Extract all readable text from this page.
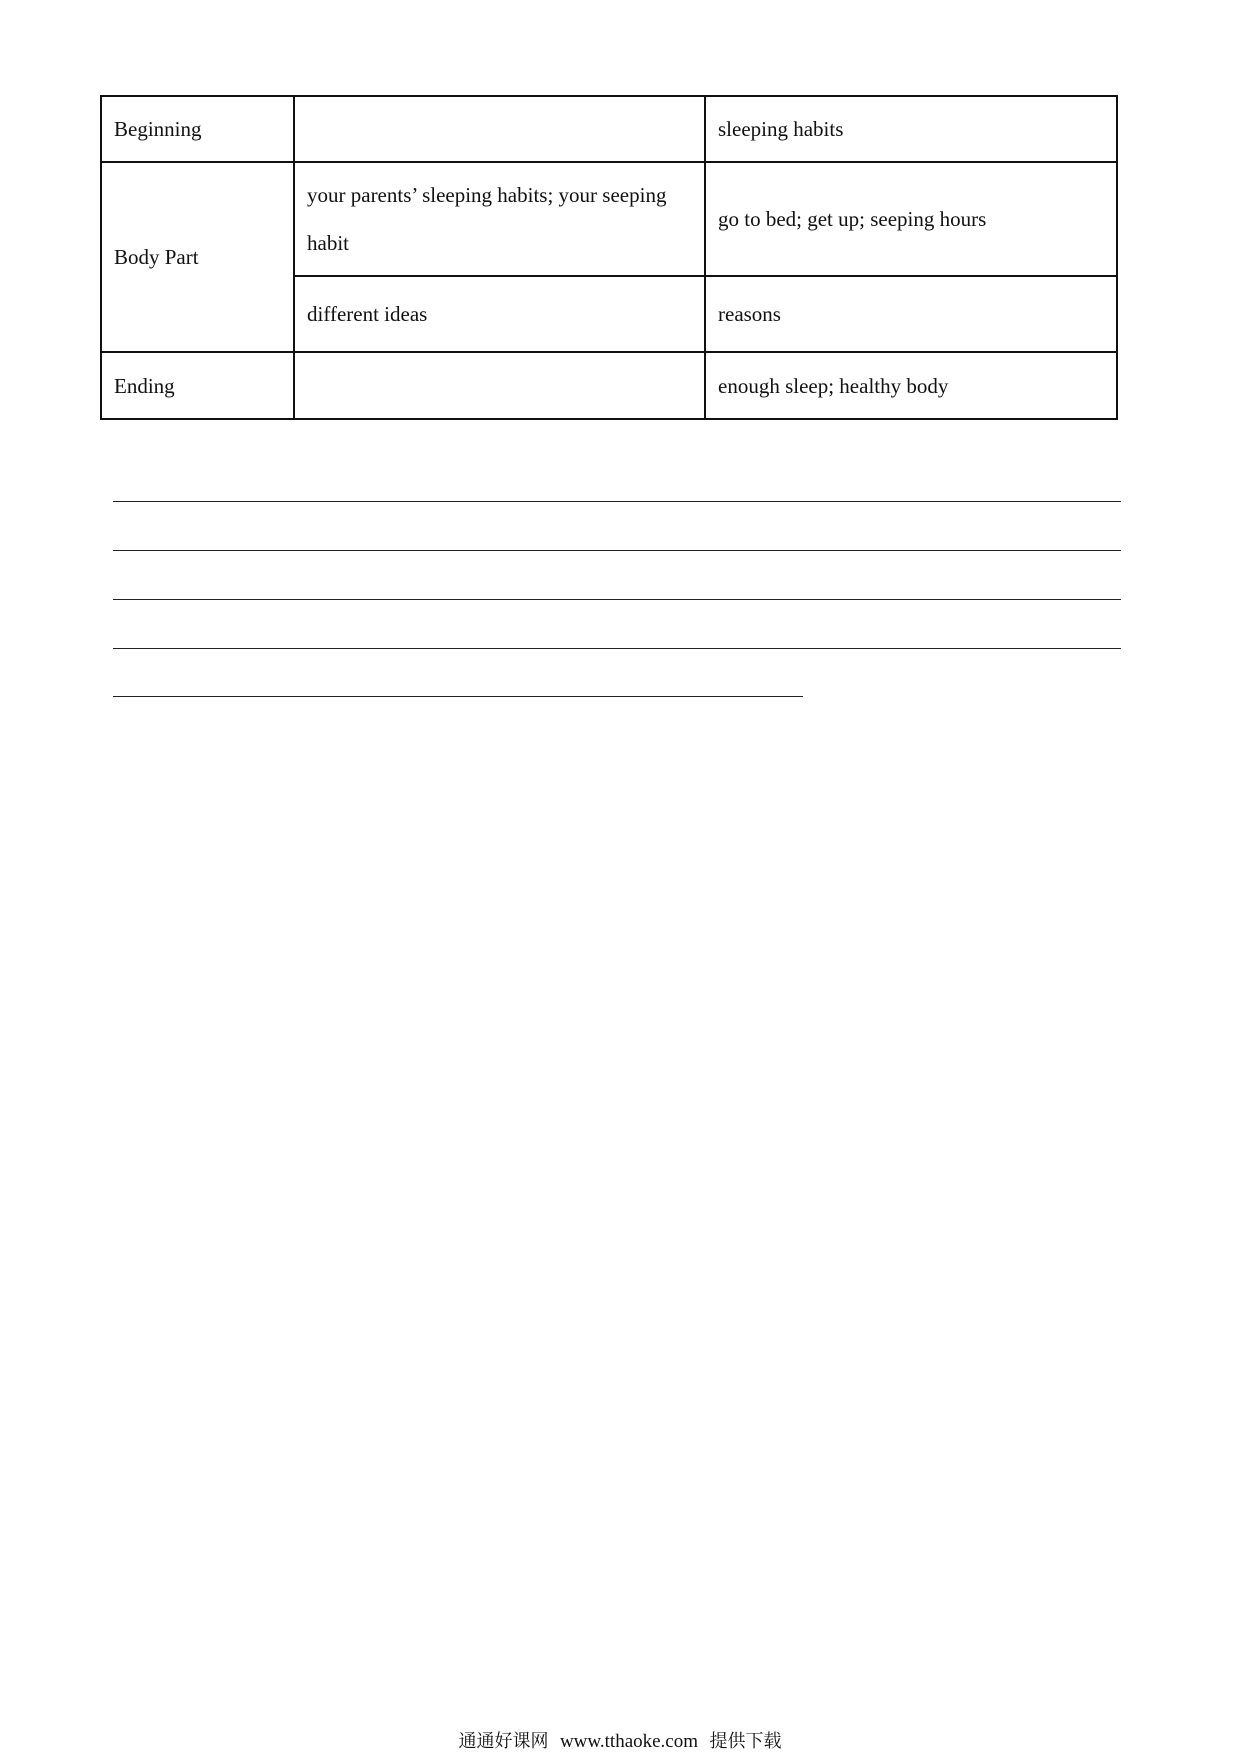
Beginning		sleeping habits
Body Part	your parents’ sleeping habits; your seeping habit	go to bed; get up; seeping hours
	different ideas	reasons
Ending		enough sleep; healthy body
通通好课网 www.tthaoke.com 提供下载
